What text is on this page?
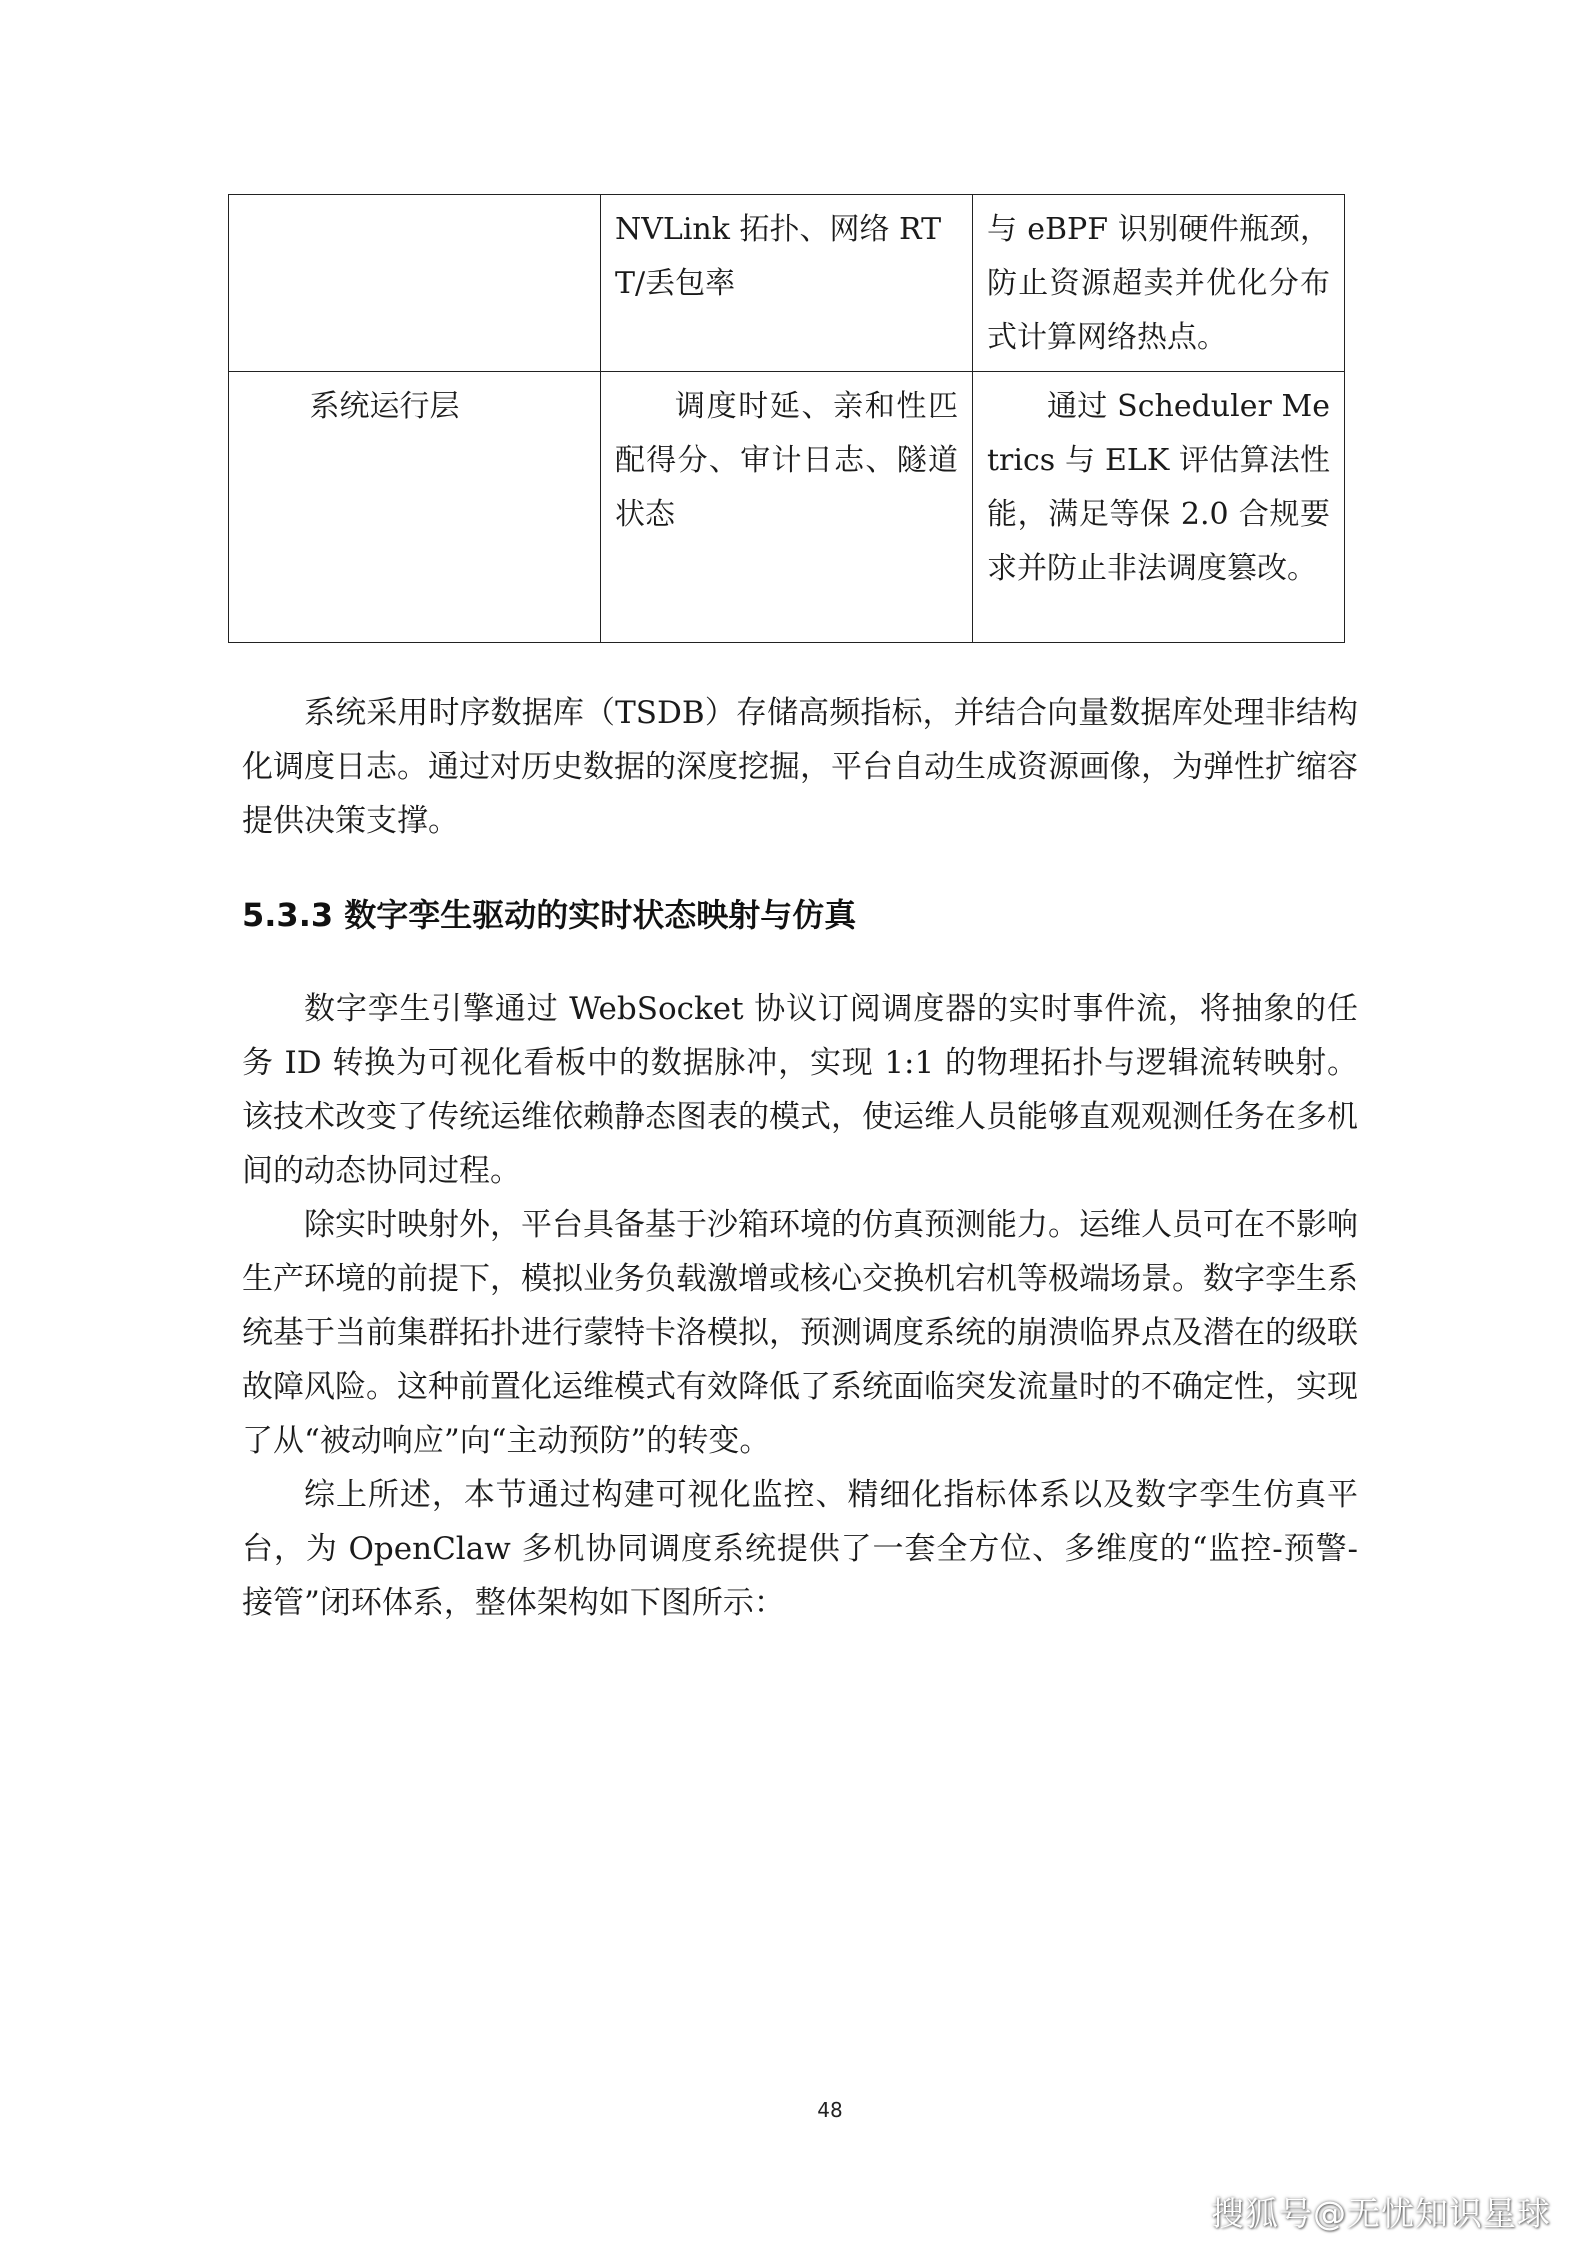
	NVLink 拓扑、网络 RTT/丢包率	与 eBPF 识别硬件瓶颈，防止资源超卖并优化分布式计算网络热点。
系统运行层	调度时延、亲和性匹配得分、审计日志、隧道状态	通过 Scheduler Metrics 与 ELK 评估算法性能，满足等保 2.0 合规要求并防止非法调度篡改。

系统采用时序数据库（TSDB）存储高频指标，并结合向量数据库处理非结构化调度日志。通过对历史数据的深度挖掘，平台自动生成资源画像，为弹性扩缩容提供决策支撑。

5.3.3 数字孪生驱动的实时状态映射与仿真

数字孪生引擎通过 WebSocket 协议订阅调度器的实时事件流，将抽象的任务 ID 转换为可视化看板中的数据脉冲，实现 1:1 的物理拓扑与逻辑流转映射。该技术改变了传统运维依赖静态图表的模式，使运维人员能够直观观测任务在多机间的动态协同过程。

除实时映射外，平台具备基于沙箱环境的仿真预测能力。运维人员可在不影响生产环境的前提下，模拟业务负载激增或核心交换机宕机等极端场景。数字孪生系统基于当前集群拓扑进行蒙特卡洛模拟，预测调度系统的崩溃临界点及潜在的级联故障风险。这种前置化运维模式有效降低了系统面临突发流量时的不确定性，实现了从“被动响应”向“主动预防”的转变。

综上所述，本节通过构建可视化监控、精细化指标体系以及数字孪生仿真平台，为 OpenClaw 多机协同调度系统提供了一套全方位、多维度的“监控-预警-接管”闭环体系，整体架构如下图所示：

48
搜狐号@无忧知识星球
